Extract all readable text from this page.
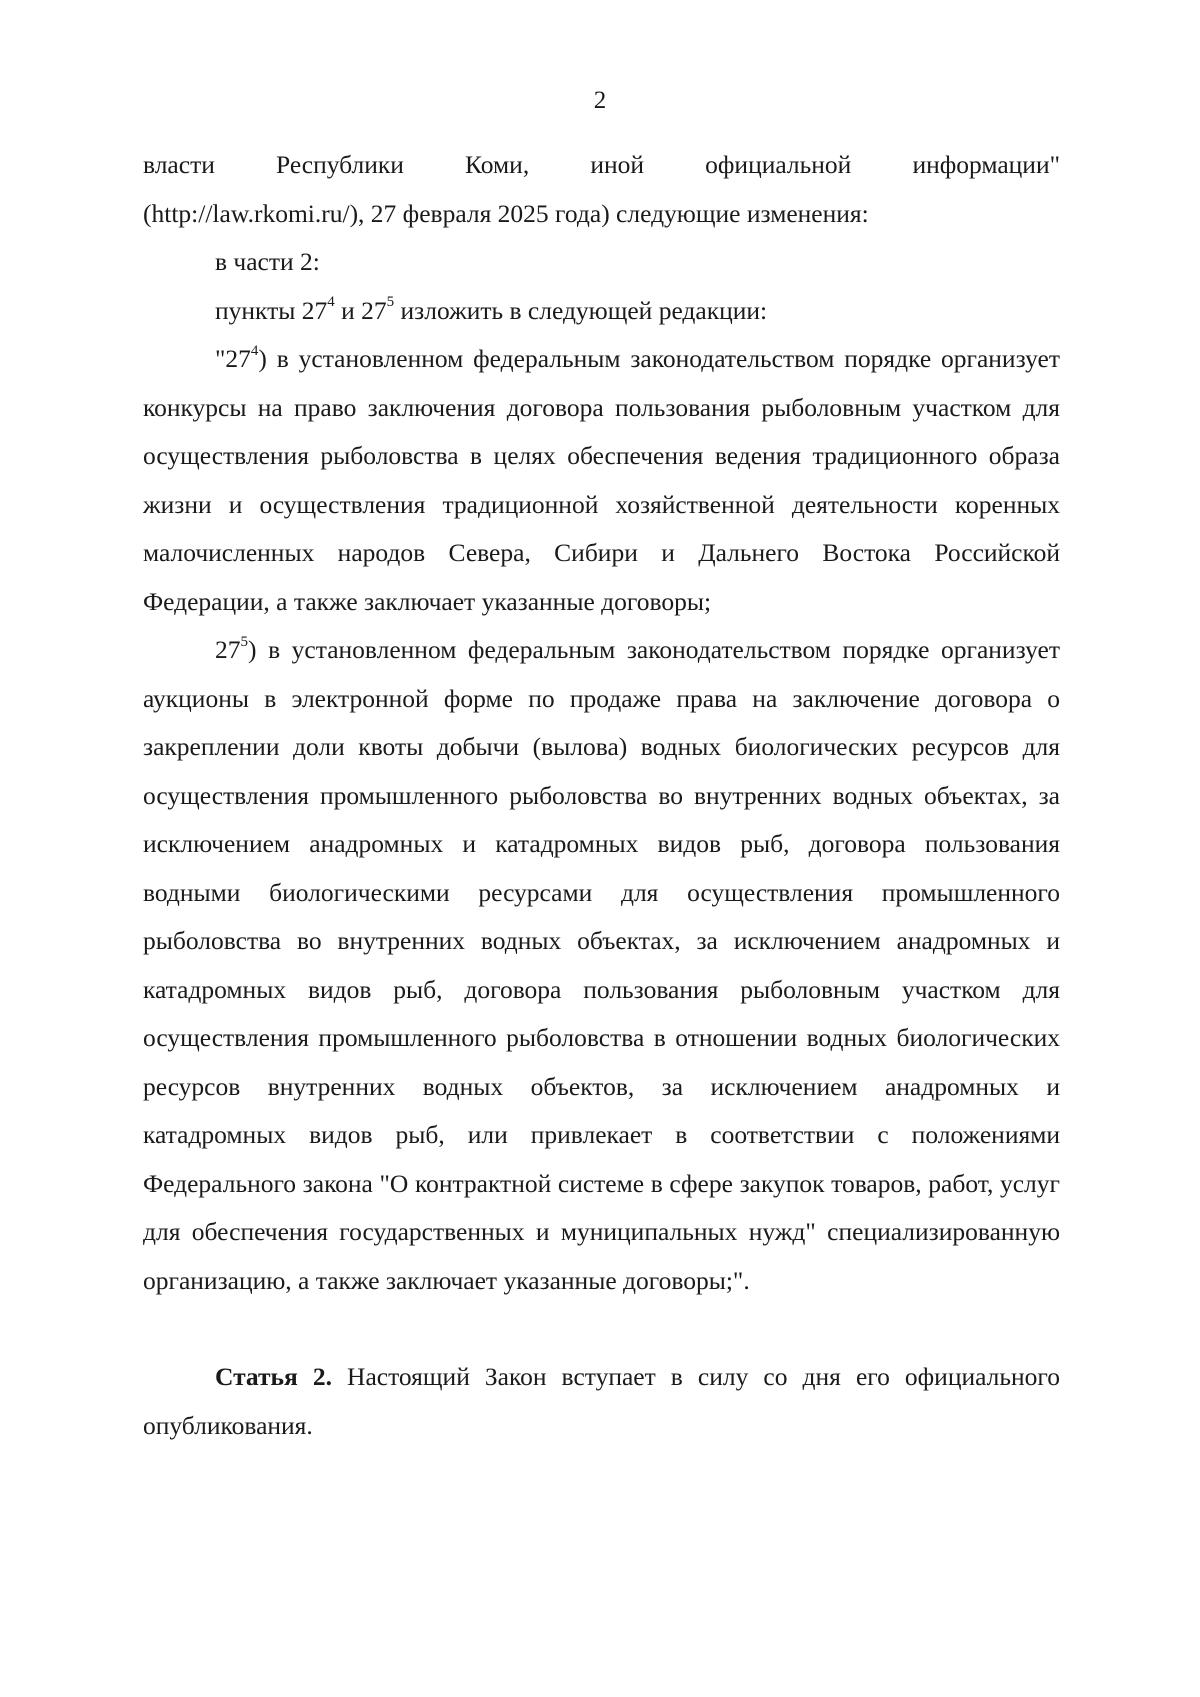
2

власти Республики Коми, иной официальной информации"

(http://law.rkomi.ru/), 27 февраля 2025 года) следующие изменения:

в части 2:

пункты $27^4$ и $27^5$ изложить в следующей редакции:

"$27^4$) в установленном федеральным законодательством порядке организует конкурсы на право заключения договора пользования рыболовным участком для осуществления рыболовства в целях обеспечения ведения традиционного образа жизни и осуществления традиционной хозяйственной деятельности коренных малочисленных народов Севера, Сибири и Дальнего Востока Российской Федерации, а также заключает указанные договоры;

$27^5$) в установленном федеральным законодательством порядке организует аукционы в электронной форме по продаже права на заключение договора о закреплении доли квоты добычи (вылова) водных биологических ресурсов для осуществления промышленного рыболовства во внутренних водных объектах, за исключением анадромных и катадромных видов рыб, договора пользования водными биологическими ресурсами для осуществления промышленного рыболовства во внутренних водных объектах, за исключением анадромных и катадромных видов рыб, договора пользования рыболовным участком для осуществления промышленного рыболовства в отношении водных биологических ресурсов внутренних водных объектов, за исключением анадромных и катадромных видов рыб, или привлекает в соответствии с положениями Федерального закона "О контрактной системе в сфере закупок товаров, работ, услуг для обеспечения государственных и муниципальных нужд" специализированную организацию, а также заключает указанные договоры;".

Статья 2. Настоящий Закон вступает в силу со дня его официального опубликования.
